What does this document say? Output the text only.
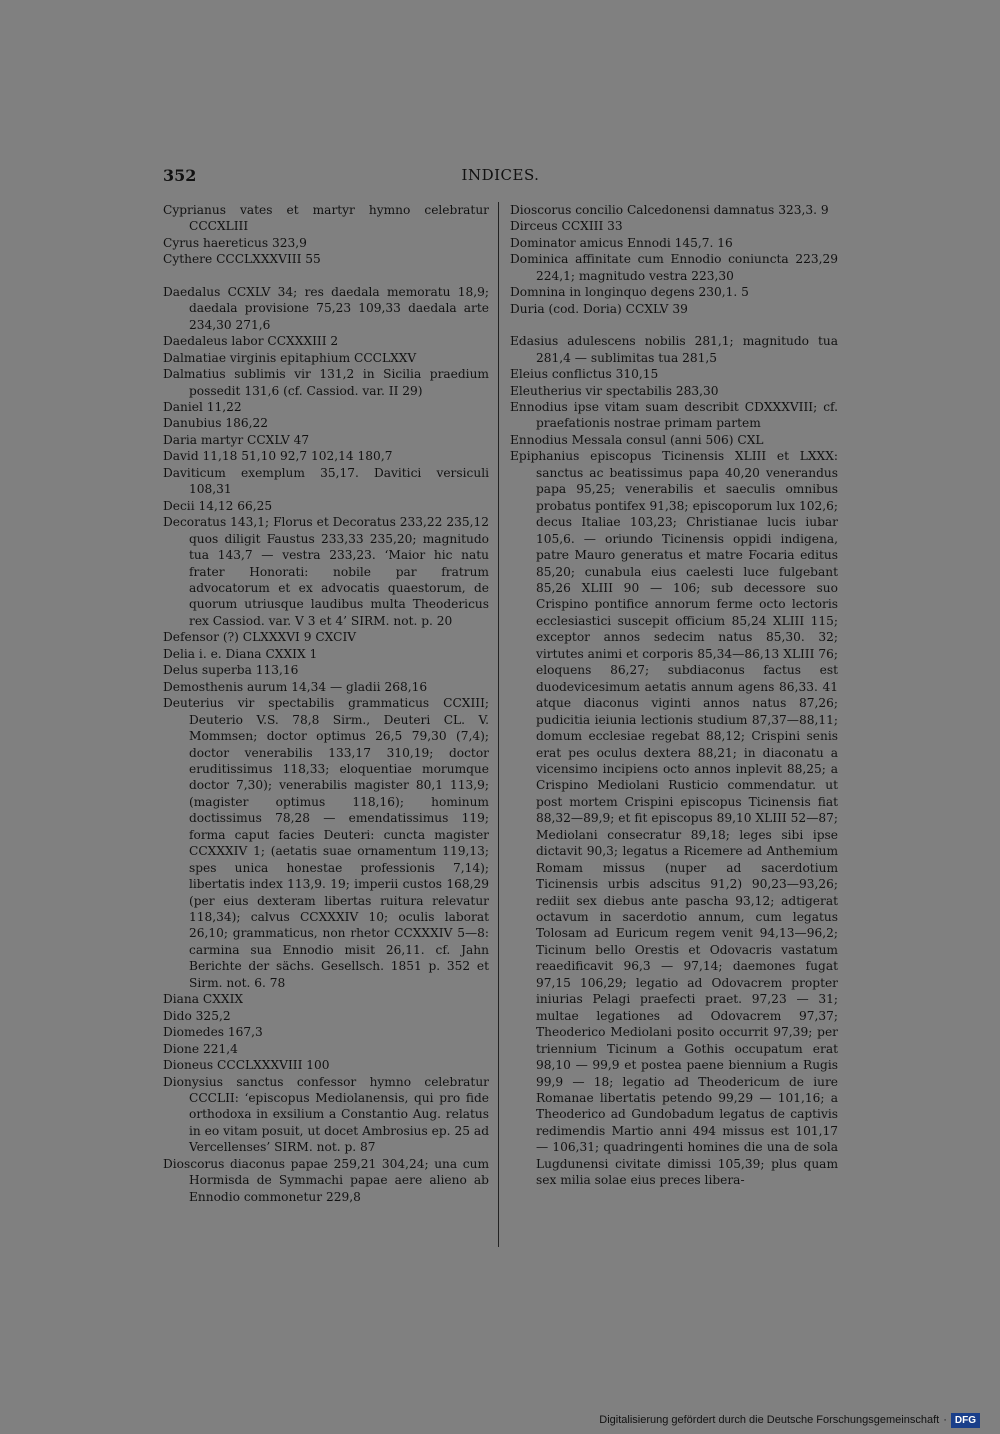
352	INDICES.

Cyprianus vates et martyr hymno celebratur CCCXLIII

Cyrus haereticus 323,9

Cythere CCCLXXXVIII 55

Daedalus CCXLV 34; res daedala memoratu 18,9; daedala provisione 75,23 109,33 daedala arte 234,30 271,6

Daedaleus labor CCXXXIII 2

Dalmatiae virginis epitaphium CCCLXXV

Dalmatius sublimis vir 131,2 in Sicilia praedium possedit 131,6 (cf. Cassiod. var. II 29)

Daniel 11,22

Danubius 186,22

Daria martyr CCXLV 47

David 11,18 51,10 92,7 102,14 180,7

Daviticum exemplum 35,17. Davitici versiculi 108,31

Decii 14,12 66,25

Decoratus 143,1; Florus et Decoratus 233,22 235,12 quos diligit Faustus 233,33 235,20; magnitudo tua 143,7 — vestra 233,23. ‘Maior hic natu frater Honorati: nobile par fratrum advocatorum et ex advocatis quaestorum, de quorum utriusque laudibus multa Theodericus rex Cassiod. var. V 3 et 4’ SIRM. not. p. 20

Defensor (?) CLXXXVI 9 CXCIV

Delia i. e. Diana CXXIX 1

Delus superba 113,16

Demosthenis aurum 14,34 — gladii 268,16

Deuterius vir spectabilis grammaticus CCXIII; Deuterio V.S. 78,8 Sirm., Deuteri CL. V. Mommsen; doctor optimus 26,5 79,30 (7,4); doctor venerabilis 133,17 310,19; doctor eruditissimus 118,33; eloquentiae morumque doctor 7,30); venerabilis magister 80,1 113,9; (magister optimus 118,16); hominum doctissimus 78,28 — emendatissimus 119; forma caput facies Deuteri: cuncta magister CCXXXIV 1; (aetatis suae ornamentum 119,13; spes unica honestae professionis 7,14); libertatis index 113,9. 19; imperii custos 168,29 (per eius dexteram libertas ruitura relevatur 118,34); calvus CCXXXIV 10; oculis laborat 26,10; grammaticus, non rhetor CCXXXIV 5—8: carmina sua Ennodio misit 26,11. cf. Jahn Berichte der sächs. Gesellsch. 1851 p. 352 et Sirm. not. 6. 78

Diana CXXIX

Dido 325,2

Diomedes 167,3

Dione 221,4

Dioneus CCCLXXXVIII 100

Dionysius sanctus confessor hymno celebratur CCCLII: ‘episcopus Mediolanensis, qui pro fide orthodoxa in exsilium a Constantio Aug. relatus in eo vitam posuit, ut docet Ambrosius ep. 25 ad Vercellenses’ SIRM. not. p. 87

Dioscorus diaconus papae 259,21 304,24; una cum Hormisda de Symmachi papae aere alieno ab Ennodio commonetur 229,8

Dioscorus concilio Calcedonensi damnatus 323,3. 9

Dirceus CCXIII 33

Dominator amicus Ennodi 145,7. 16

Dominica affinitate cum Ennodio coniuncta 223,29 224,1; magnitudo vestra 223,30

Domnina in longinquo degens 230,1. 5

Duria (cod. Doria) CCXLV 39

Edasius adulescens nobilis 281,1; magnitudo tua 281,4 — sublimitas tua 281,5

Eleius conflictus 310,15

Eleutherius vir spectabilis 283,30

Ennodius ipse vitam suam describit CDXXXVIII; cf. praefationis nostrae primam partem

Ennodius Messala consul (anni 506) CXL

Epiphanius episcopus Ticinensis XLIII et LXXX: sanctus ac beatissimus papa 40,20 venerandus papa 95,25; venerabilis et saeculis omnibus probatus pontifex 91,38; episcoporum lux 102,6; decus Italiae 103,23; Christianae lucis iubar 105,6. — oriundo Ticinensis oppidi indigena, patre Mauro generatus et matre Focaria editus 85,20; cunabula eius caelesti luce fulgebant 85,26 XLIII 90 — 106; sub decessore suo Crispino pontifice annorum ferme octo lectoris ecclesiastici suscepit officium 85,24 XLIII 115; exceptor annos sedecim natus 85,30. 32; virtutes animi et corporis 85,34—86,13 XLIII 76; eloquens 86,27; subdiaconus factus est duodevicesimum aetatis annum agens 86,33. 41 atque diaconus viginti annos natus 87,26; pudicitia ieiunia lectionis studium 87,37—88,11; domum ecclesiae regebat 88,12; Crispini senis erat pes oculus dextera 88,21; in diaconatu a vicensimo incipiens octo annos inplevit 88,25; a Crispino Mediolani Rusticio commendatur. ut post mortem Crispini episcopus Ticinensis fiat 88,32—89,9; et fit episcopus 89,10 XLIII 52—87; Mediolani consecratur 89,18; leges sibi ipse dictavit 90,3; legatus a Ricemere ad Anthemium Romam missus (nuper ad sacerdotium Ticinensis urbis adscitus 91,2) 90,23—93,26; rediit sex diebus ante pascha 93,12; adtigerat octavum in sacerdotio annum, cum legatus Tolosam ad Euricum regem venit 94,13—96,2; Ticinum bello Orestis et Odovacris vastatum reaedificavit 96,3 — 97,14; daemones fugat 97,15 106,29; legatio ad Odovacrem propter iniurias Pelagi praefecti praet. 97,23 — 31; multae legationes ad Odovacrem 97,37; Theoderico Mediolani posito occurrit 97,39; per triennium Ticinum a Gothis occupatum erat 98,10 — 99,9 et postea paene biennium a Rugis 99,9 — 18; legatio ad Theodericum de iure Romanae libertatis petendo 99,29 — 101,16; a Theoderico ad Gundobadum legatus de captivis redimendis Martio anni 494 missus est 101,17 — 106,31; quadringenti homines die una de sola Lugdunensi civitate dimissi 105,39; plus quam sex milia solae eius preces libera-

Digitalisierung gefördert durch die Deutsche Forschungsgemeinschaft · DFG
